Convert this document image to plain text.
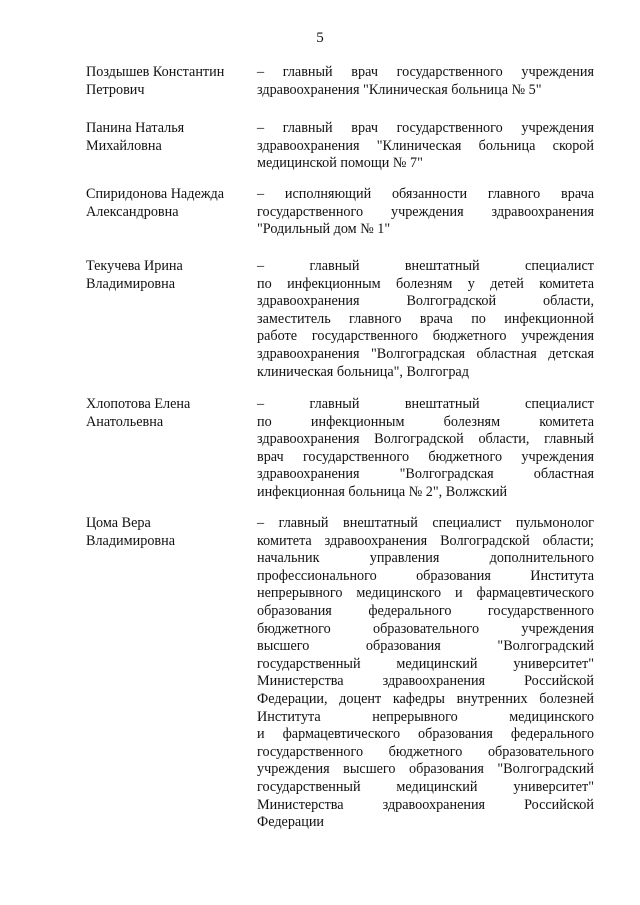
5
Поздышев Константин
Петрович
– главный врач государственного учреждения
здравоохранения "Клиническая больница № 5"
Панина Наталья
Михайловна
– главный врач государственного учреждения
здравоохранения "Клиническая больница скорой
медицинской помощи № 7"
Спиридонова Надежда
Александровна
– исполняющий обязанности главного врача
государственного учреждения здравоохранения
"Родильный дом № 1"
Текучева Ирина
Владимировна
– главный внештатный специалист
по инфекционным болезням у детей комитета
здравоохранения Волгоградской области,
заместитель главного врача по инфекционной
работе государственного бюджетного учреждения
здравоохранения "Волгоградская областная детская
клиническая больница", Волгоград
Хлопотова Елена
Анатольевна
– главный внештатный специалист
по инфекционным болезням комитета
здравоохранения Волгоградской области, главный
врач государственного бюджетного учреждения
здравоохранения "Волгоградская областная
инфекционная больница № 2", Волжский
Цома Вера
Владимировна
– главный внештатный специалист пульмонолог
комитета здравоохранения Волгоградской области;
начальник управления дополнительного
профессионального образования Института
непрерывного медицинского и фармацевтического
образования федерального государственного
бюджетного образовательного учреждения
высшего образования "Волгоградский
государственный медицинский университет"
Министерства здравоохранения Российской
Федерации, доцент кафедры внутренних болезней
Института непрерывного медицинского
и фармацевтического образования федерального
государственного бюджетного образовательного
учреждения высшего образования "Волгоградский
государственный медицинский университет"
Министерства здравоохранения Российской
Федерации
